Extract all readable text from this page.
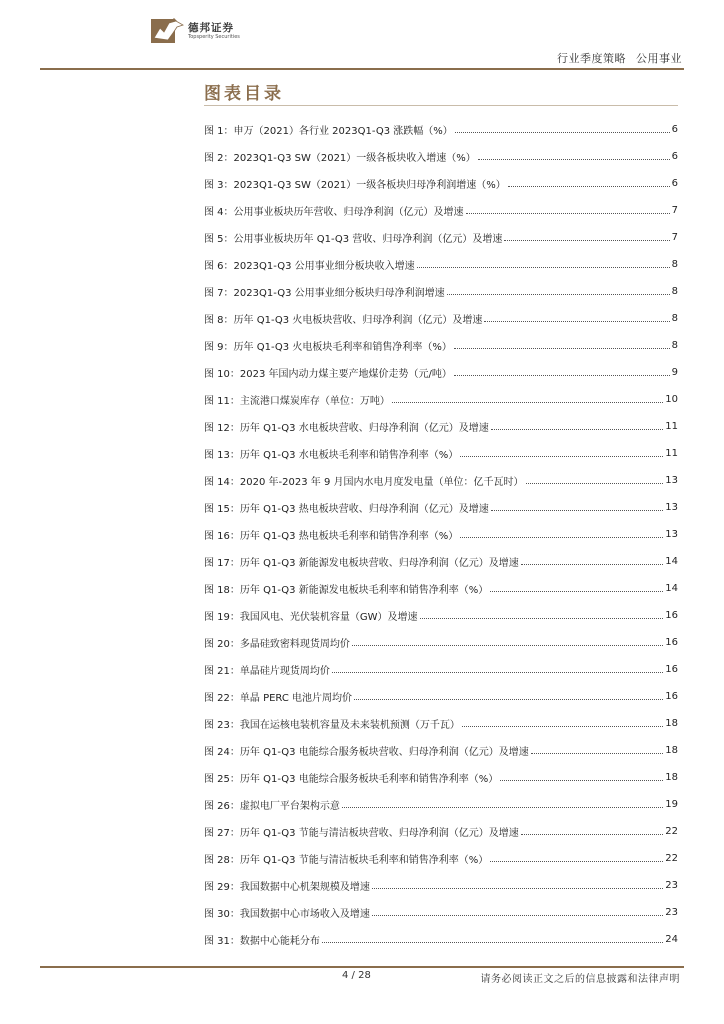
德邦证券
Topsperity Securities
行业季度策略 公用事业
图表目录
图 1：申万（2021）各行业 2023Q1-Q3 涨跌幅（%）	6
图 2：2023Q1-Q3 SW（2021）一级各板块收入增速（%）	6
图 3：2023Q1-Q3 SW（2021）一级各板块归母净利润增速（%）	6
图 4：公用事业板块历年营收、归母净利润（亿元）及增速	7
图 5：公用事业板块历年 Q1-Q3 营收、归母净利润（亿元）及增速	7
图 6：2023Q1-Q3 公用事业细分板块收入增速	8
图 7：2023Q1-Q3 公用事业细分板块归母净利润增速	8
图 8：历年 Q1-Q3 火电板块营收、归母净利润（亿元）及增速	8
图 9：历年 Q1-Q3 火电板块毛利率和销售净利率（%）	8
图 10：2023 年国内动力煤主要产地煤价走势（元/吨）	9
图 11：主流港口煤炭库存（单位：万吨）	10
图 12：历年 Q1-Q3 水电板块营收、归母净利润（亿元）及增速	11
图 13：历年 Q1-Q3 水电板块毛利率和销售净利率（%）	11
图 14：2020 年-2023 年 9 月国内水电月度发电量（单位：亿千瓦时）	13
图 15：历年 Q1-Q3 热电板块营收、归母净利润（亿元）及增速	13
图 16：历年 Q1-Q3 热电板块毛利率和销售净利率（%）	13
图 17：历年 Q1-Q3 新能源发电板块营收、归母净利润（亿元）及增速	14
图 18：历年 Q1-Q3 新能源发电板块毛利率和销售净利率（%）	14
图 19：我国风电、光伏装机容量（GW）及增速	16
图 20：多晶硅致密料现货周均价	16
图 21：单晶硅片现货周均价	16
图 22：单晶 PERC 电池片周均价	16
图 23：我国在运核电装机容量及未来装机预测（万千瓦）	18
图 24：历年 Q1-Q3 电能综合服务板块营收、归母净利润（亿元）及增速	18
图 25：历年 Q1-Q3 电能综合服务板块毛利率和销售净利率（%）	18
图 26：虚拟电厂平台架构示意	19
图 27：历年 Q1-Q3 节能与清洁板块营收、归母净利润（亿元）及增速	22
图 28：历年 Q1-Q3 节能与清洁板块毛利率和销售净利率（%）	22
图 29：我国数据中心机架规模及增速	23
图 30：我国数据中心市场收入及增速	23
图 31：数据中心能耗分布	24
4 / 28	请务必阅读正文之后的信息披露和法律声明
